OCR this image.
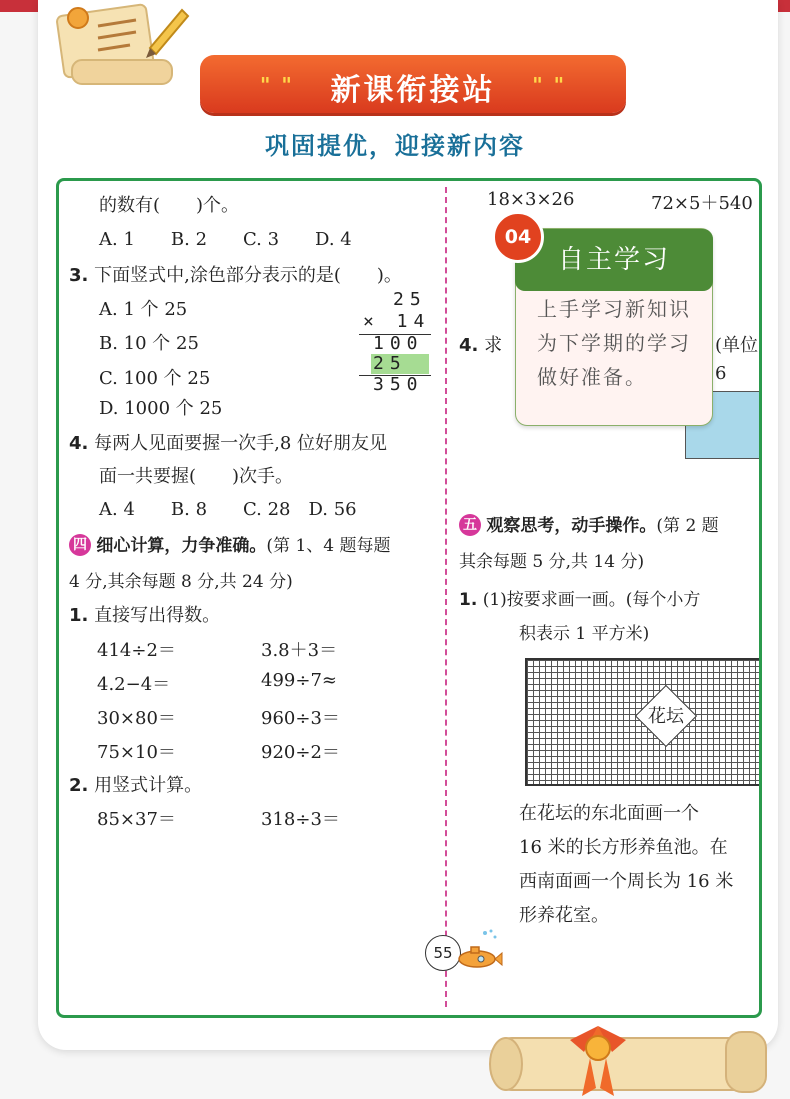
" "	新课衔接站	" "
巩固提优，迎接新内容
的数有(　　)个。
A. 1　　B. 2　　C. 3　　D. 4
3. 下面竖式中,涂色部分表示的是(　　)。
A. 1 个 25
B. 10 个 25
C. 100 个 25
D. 1000 个 25
25
× 14
100
25
350
4. 每两人见面要握一次手,8 位好朋友见
面一共要握(　　)次手。
A. 4　　B. 8　　C. 28　D. 56
四 细心计算，力争准确。(第 1、4 题每题
4 分,其余每题 8 分,共 24 分)
1. 直接写出得数。
414÷2＝	3.8＋3＝
4.2−4＝	499÷7≈
30×80＝	960÷3＝
75×10＝	920÷2＝
2. 用竖式计算。
85×37＝	318÷3＝
18×3×26	72×5＋540
4. 求	(单位
6
五 观察思考，动手操作。(第 2 题
其余每题 5 分,共 14 分)
1. (1)按要求画一画。(每个小方
积表示 1 平方米)
花坛
在花坛的东北面画一个
16 米的长方形养鱼池。在
西南面画一个周长为 16 米
形养花室。
自主学习
04
上手学习新知识
为下学期的学习
做好准备。
55
